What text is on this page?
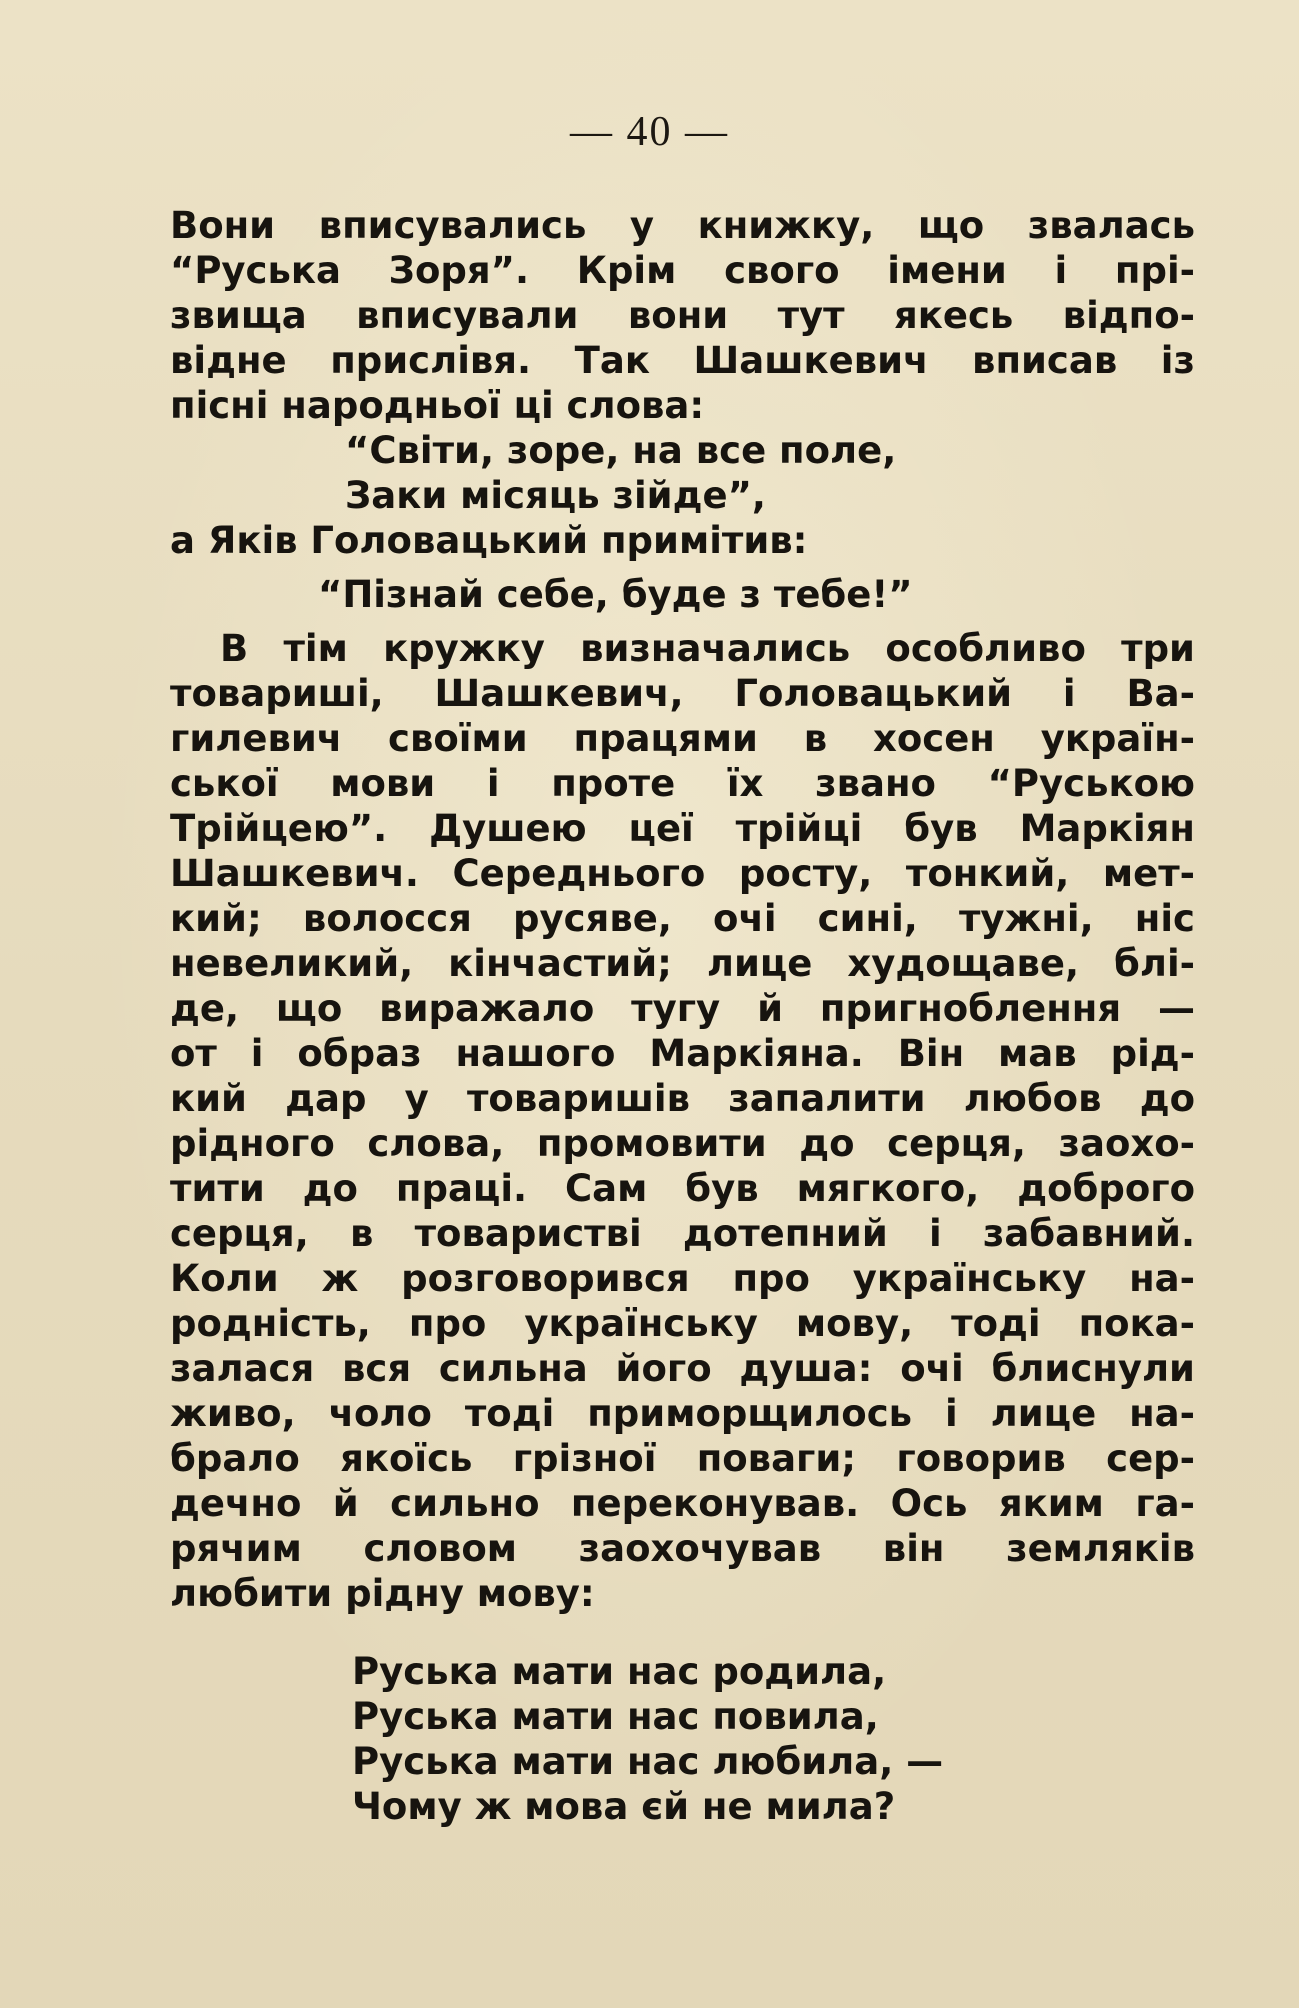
— 40 —
Вони вписувались у книжку, що звалась
“Руська Зоря”. Крім свого імени і прі-
звища вписували вони тут якесь відпо-
відне прислівя. Так Шашкевич вписав із
пісні народньої ці слова:
“Світи, зоре, на все поле,
Заки місяць зійде”,
а Яків Головацький примітив:
“Пізнай себе, буде з тебе!”
В тім кружку визначались особливо три
товариші, Шашкевич, Головацький і Ва-
гилевич своїми працями в хосен україн-
ської мови і проте їх звано “Руською
Трійцею”. Душею цеї трійці був Маркіян
Шашкевич. Середнього росту, тонкий, мет-
кий; волосся русяве, очі сині, тужні, ніс
невеликий, кінчастий; лице худощаве, блі-
де, що виражало тугу й пригноблення —
от і образ нашого Маркіяна. Він мав рід-
кий дар у товаришів запалити любов до
рідного слова, промовити до серця, заохо-
тити до праці. Сам був мягкого, доброго
серця, в товаристві дотепний і забавний.
Коли ж розговорився про українську на-
родність, про українську мову, тоді пока-
залася вся сильна його душа: очі блиснули
живо, чоло тоді приморщилось і лице на-
брало якоїсь грізної поваги; говорив сер-
дечно й сильно переконував. Ось яким га-
рячим словом заохочував він земляків
любити рідну мову:
Руська мати нас родила,
Руська мати нас повила,
Руська мати нас любила, —
Чому ж мова єй не мила?
